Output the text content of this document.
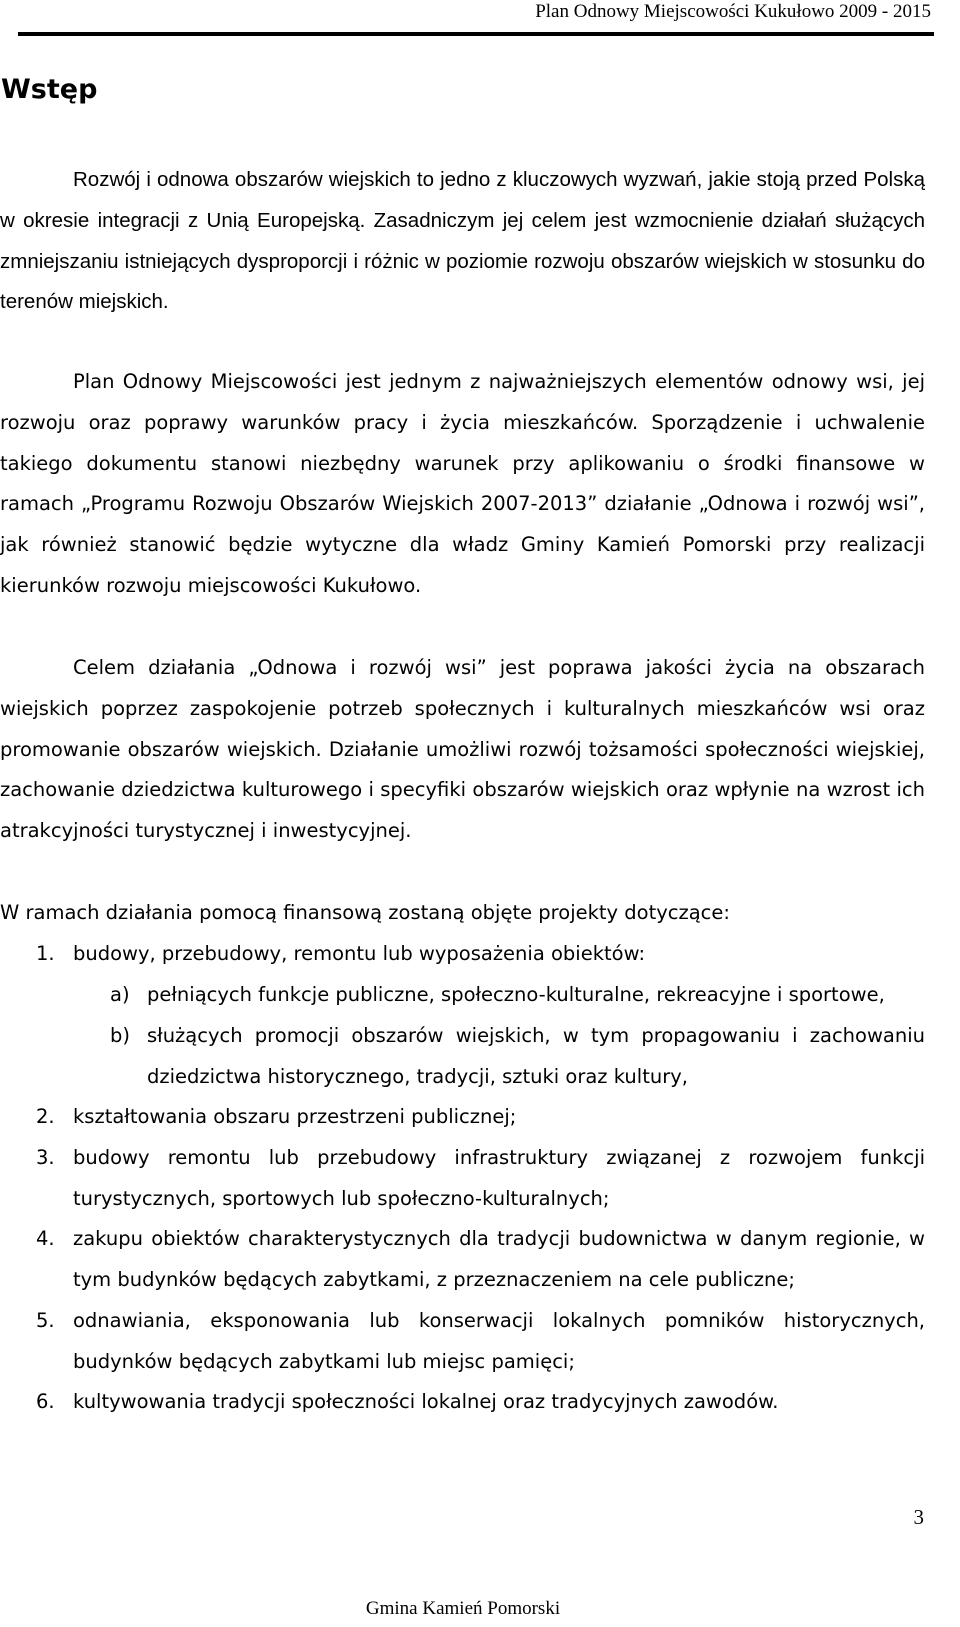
Plan Odnowy Miejscowości Kukułowo 2009 - 2015
Wstęp

Rozwój i odnowa obszarów wiejskich to jedno z kluczowych wyzwań, jakie stoją przed Polską w okresie integracji z Unią Europejską. Zasadniczym jej celem jest wzmocnienie działań służących zmniejszaniu istniejących dysproporcji i różnic w poziomie rozwoju obszarów wiejskich w stosunku do terenów miejskich.

Plan Odnowy Miejscowości jest jednym z najważniejszych elementów odnowy wsi, jej rozwoju oraz poprawy warunków pracy i życia mieszkańców. Sporządzenie i uchwalenie takiego dokumentu stanowi niezbędny warunek przy aplikowaniu o środki finansowe w ramach „Programu Rozwoju Obszarów Wiejskich 2007-2013” działanie „Odnowa i rozwój wsi”, jak również stanowić będzie wytyczne dla władz Gminy Kamień Pomorski przy realizacji kierunków rozwoju miejscowości Kukułowo.

Celem działania „Odnowa i rozwój wsi” jest poprawa jakości życia na obszarach wiejskich poprzez zaspokojenie potrzeb społecznych i kulturalnych mieszkańców wsi oraz promowanie obszarów wiejskich. Działanie umożliwi rozwój tożsamości społeczności wiejskiej, zachowanie dziedzictwa kulturowego i specyfiki obszarów wiejskich oraz wpłynie na wzrost ich atrakcyjności turystycznej i inwestycyjnej.

W ramach działania pomocą finansową zostaną objęte projekty dotyczące:

1. budowy, przebudowy, remontu lub wyposażenia obiektów:
a) pełniących funkcje publiczne, społeczno-kulturalne, rekreacyjne i sportowe,
b) służących promocji obszarów wiejskich, w tym propagowaniu i zachowaniu dziedzictwa historycznego, tradycji, sztuki oraz kultury,
2. kształtowania obszaru przestrzeni publicznej;
3. budowy remontu lub przebudowy infrastruktury związanej z rozwojem funkcji turystycznych, sportowych lub społeczno-kulturalnych;
4. zakupu obiektów charakterystycznych dla tradycji budownictwa w danym regionie, w tym budynków będących zabytkami, z przeznaczeniem na cele publiczne;
5. odnawiania, eksponowania lub konserwacji lokalnych pomników historycznych, budynków będących zabytkami lub miejsc pamięci;
6. kultywowania tradycji społeczności lokalnej oraz tradycyjnych zawodów.
3
Gmina Kamień Pomorski
